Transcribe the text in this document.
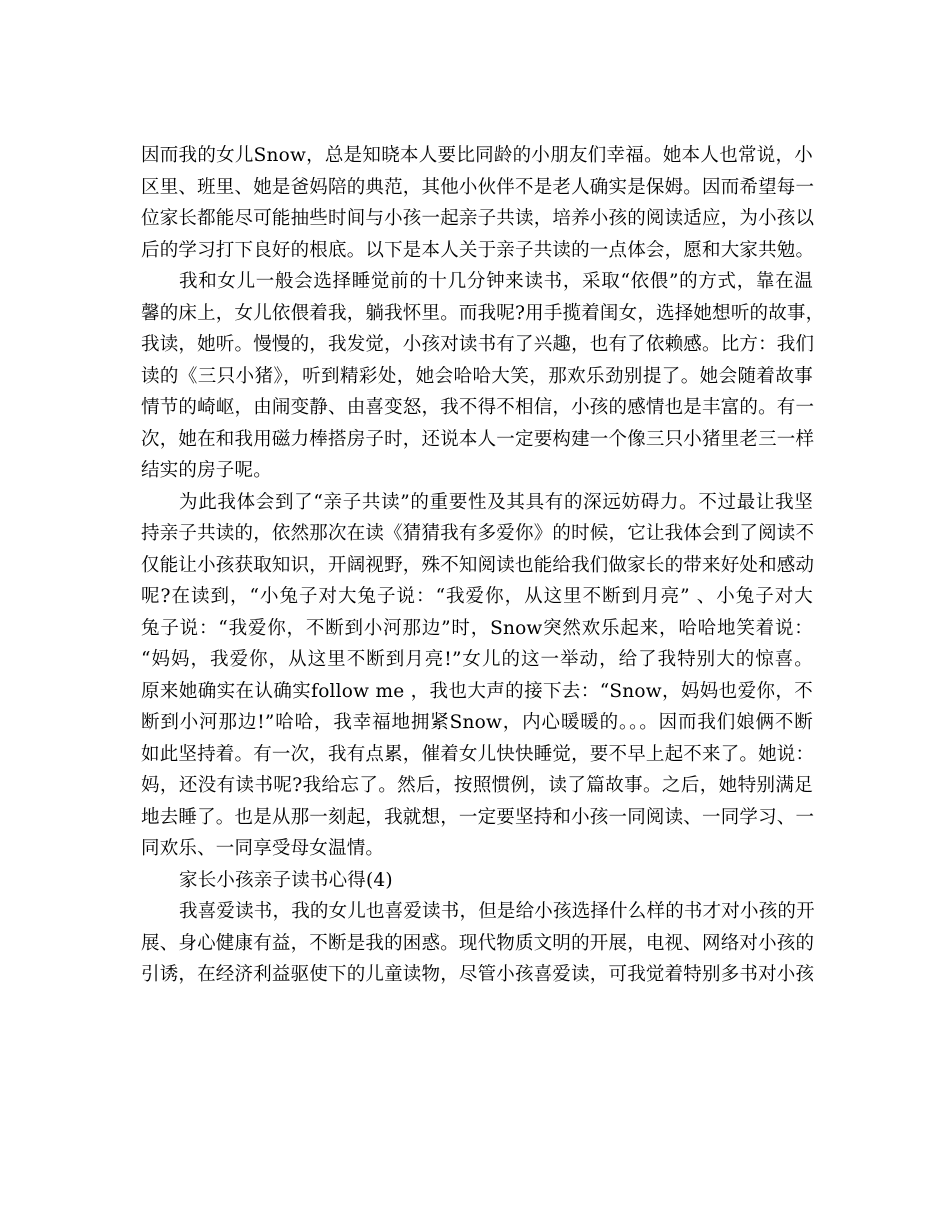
因而我的女儿Snow，总是知晓本人要比同龄的小朋友们幸福。她本人也常说，小
区里、班里、她是爸妈陪的典范，其他小伙伴不是老人确实是保姆。因而希望每一
位家长都能尽可能抽些时间与小孩一起亲子共读，培养小孩的阅读适应，为小孩以
后的学习打下良好的根底。以下是本人关于亲子共读的一点体会，愿和大家共勉。
我和女儿一般会选择睡觉前的十几分钟来读书，采取“依偎”的方式，靠在温
馨的床上，女儿依偎着我，躺我怀里。而我呢?用手揽着闺女，选择她想听的故事，
我读，她听。慢慢的，我发觉，小孩对读书有了兴趣，也有了依赖感。比方：我们
读的《三只小猪》，听到精彩处，她会哈哈大笑，那欢乐劲别提了。她会随着故事
情节的崎岖，由闹变静、由喜变怒，我不得不相信，小孩的感情也是丰富的。有一
次，她在和我用磁力棒搭房子时，还说本人一定要构建一个像三只小猪里老三一样
结实的房子呢。
为此我体会到了“亲子共读”的重要性及其具有的深远妨碍力。不过最让我坚
持亲子共读的，依然那次在读《猜猜我有多爱你》的时候，它让我体会到了阅读不
仅能让小孩获取知识，开阔视野，殊不知阅读也能给我们做家长的带来好处和感动
呢?在读到，“小兔子对大兔子说：“我爱你，从这里不断到月亮” 、小兔子对大
兔子说：“我爱你，不断到小河那边”时，Snow突然欢乐起来，哈哈地笑着说：
“妈妈，我爱你，从这里不断到月亮!”女儿的这一举动，给了我特别大的惊喜。
原来她确实在认确实follow me ，我也大声的接下去：“Snow，妈妈也爱你，不
断到小河那边!”哈哈，我幸福地拥紧Snow，内心暖暖的。。。因而我们娘俩不断
如此坚持着。有一次，我有点累，催着女儿快快睡觉，要不早上起不来了。她说：
妈，还没有读书呢?我给忘了。然后，按照惯例，读了篇故事。之后，她特别满足
地去睡了。也是从那一刻起，我就想，一定要坚持和小孩一同阅读、一同学习、一
同欢乐、一同享受母女温情。
家长小孩亲子读书心得(4)
我喜爱读书，我的女儿也喜爱读书，但是给小孩选择什么样的书才对小孩的开
展、身心健康有益，不断是我的困惑。现代物质文明的开展，电视、网络对小孩的
引诱，在经济利益驱使下的儿童读物，尽管小孩喜爱读，可我觉着特别多书对小孩
